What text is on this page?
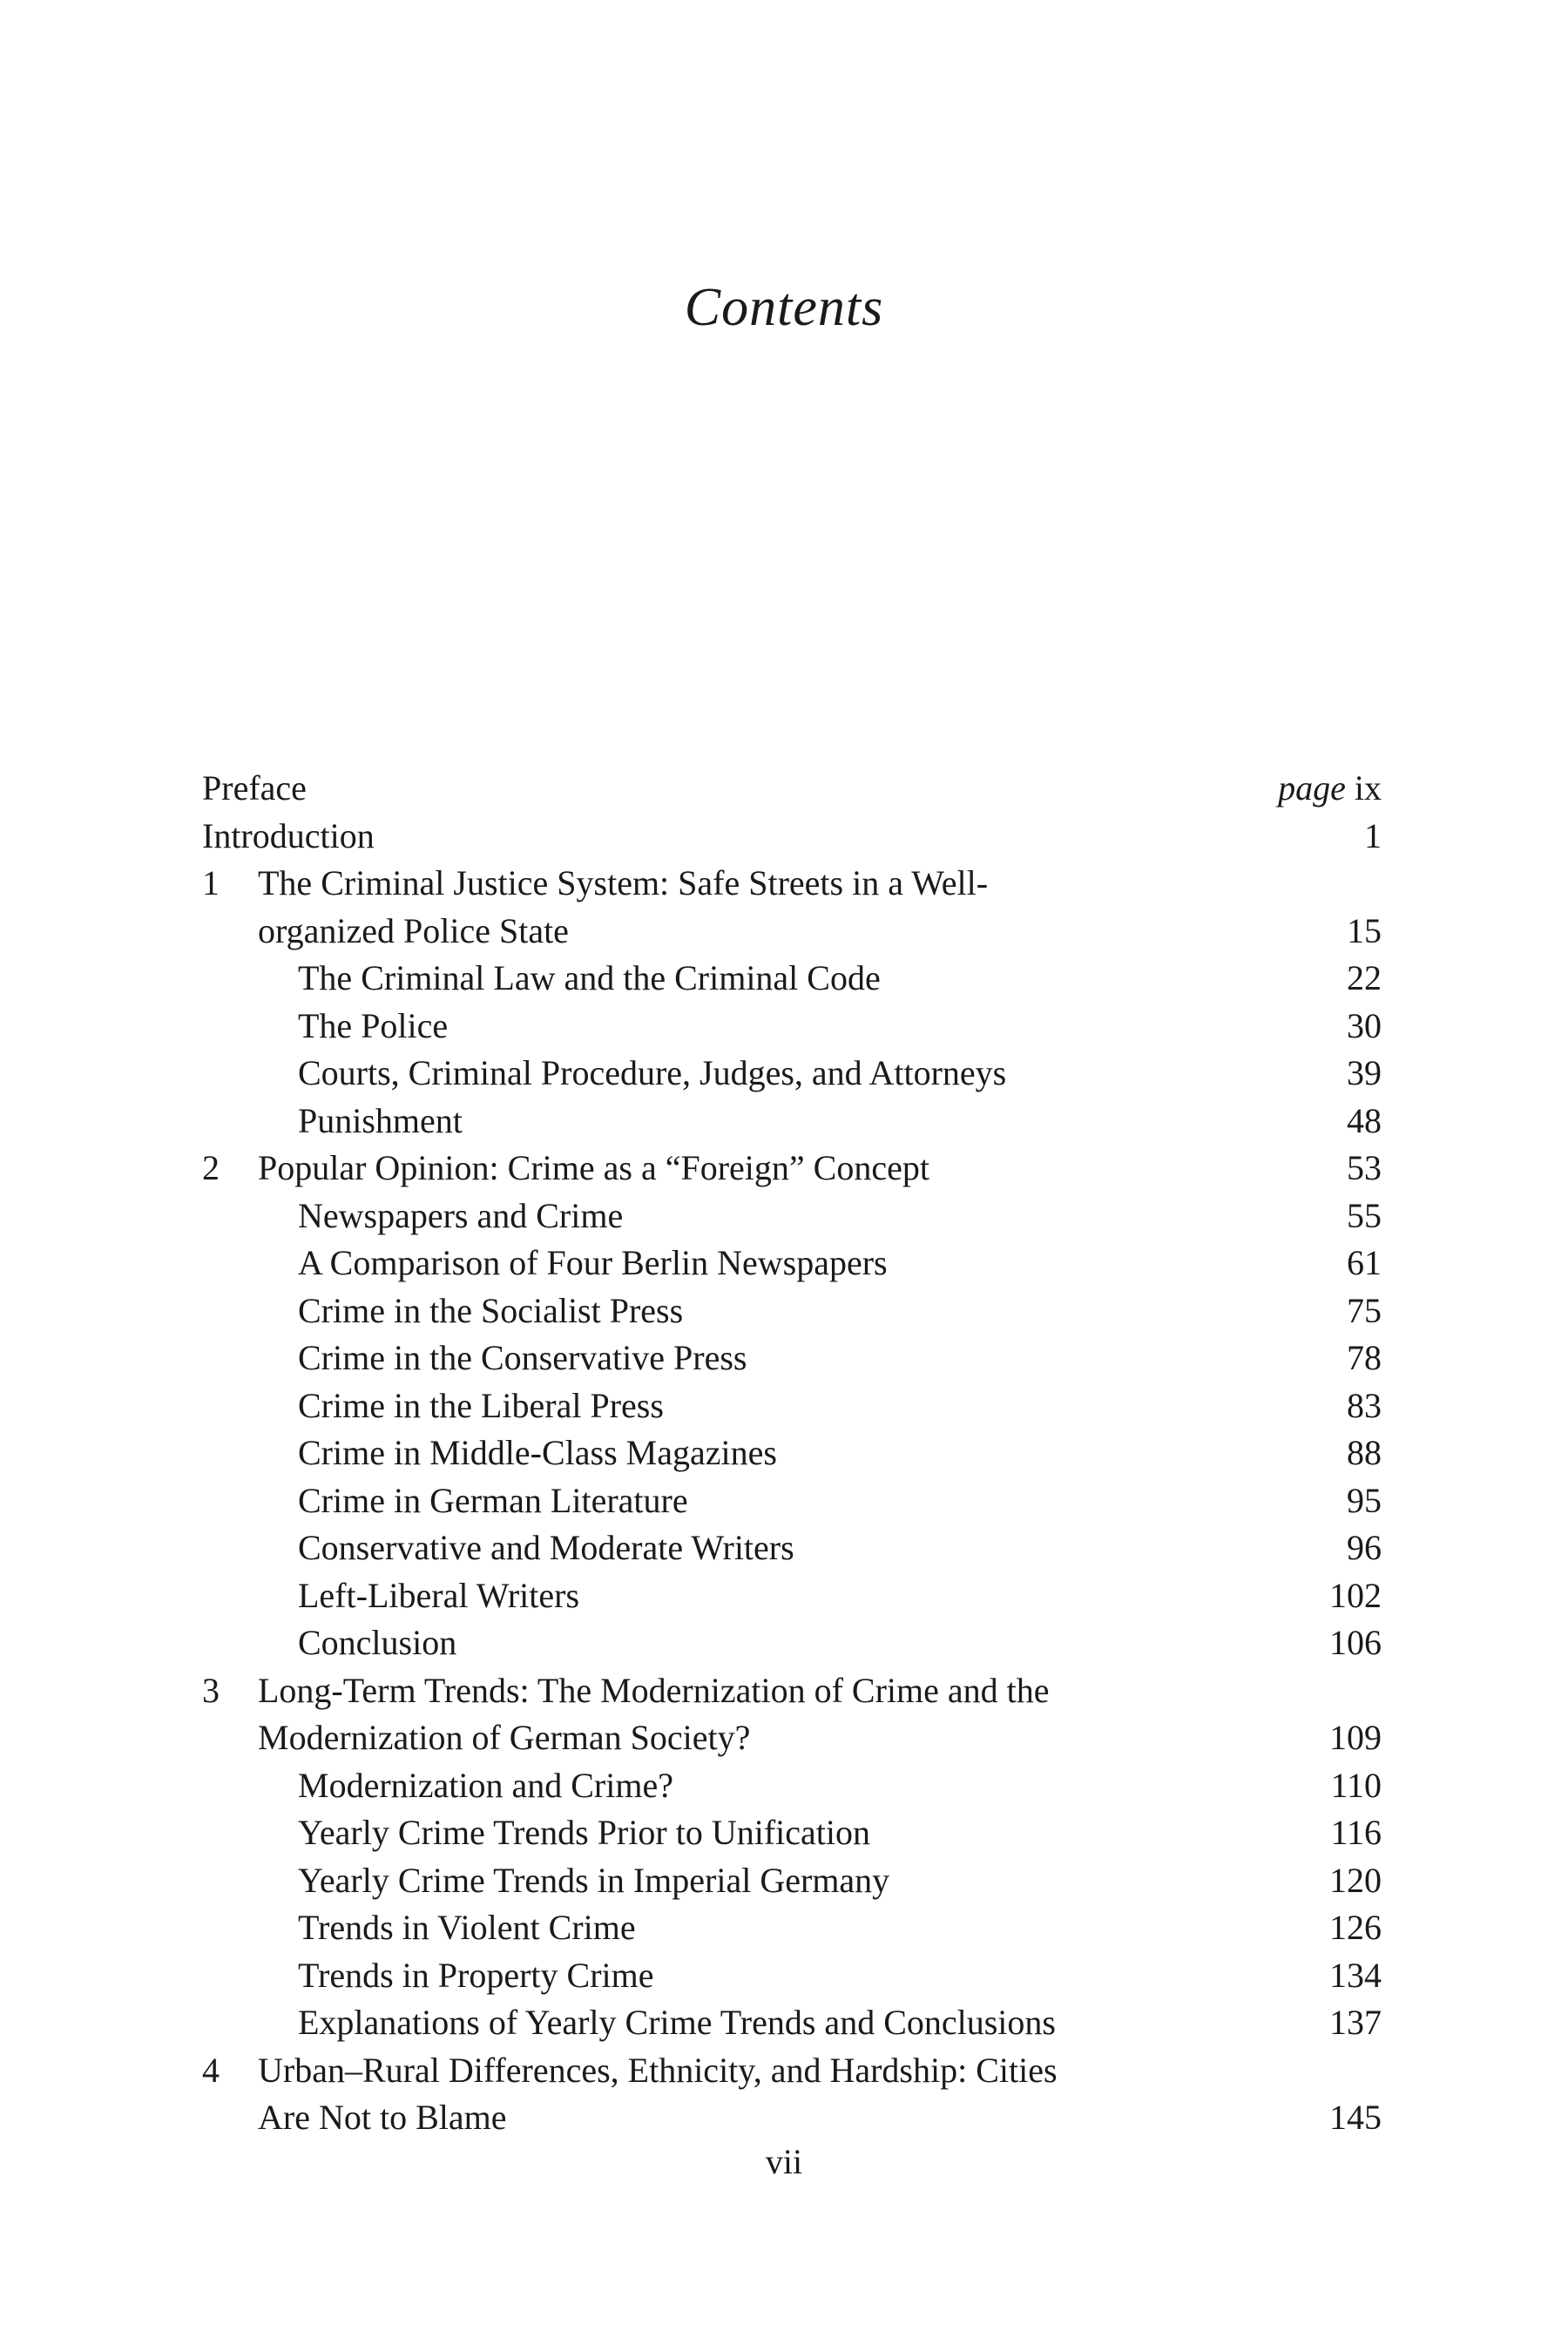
Contents
Preface	page ix
Introduction	1
1 The Criminal Justice System: Safe Streets in a Well-
organized Police State	15
The Criminal Law and the Criminal Code	22
The Police	30
Courts, Criminal Procedure, Judges, and Attorneys	39
Punishment	48
2 Popular Opinion: Crime as a “Foreign” Concept	53
Newspapers and Crime	55
A Comparison of Four Berlin Newspapers	61
Crime in the Socialist Press	75
Crime in the Conservative Press	78
Crime in the Liberal Press	83
Crime in Middle-Class Magazines	88
Crime in German Literature	95
Conservative and Moderate Writers	96
Left-Liberal Writers	102
Conclusion	106
3 Long-Term Trends: The Modernization of Crime and the
Modernization of German Society?	109
Modernization and Crime?	110
Yearly Crime Trends Prior to Unification	116
Yearly Crime Trends in Imperial Germany	120
Trends in Violent Crime	126
Trends in Property Crime	134
Explanations of Yearly Crime Trends and Conclusions	137
4 Urban–Rural Differences, Ethnicity, and Hardship: Cities
Are Not to Blame	145
vii
